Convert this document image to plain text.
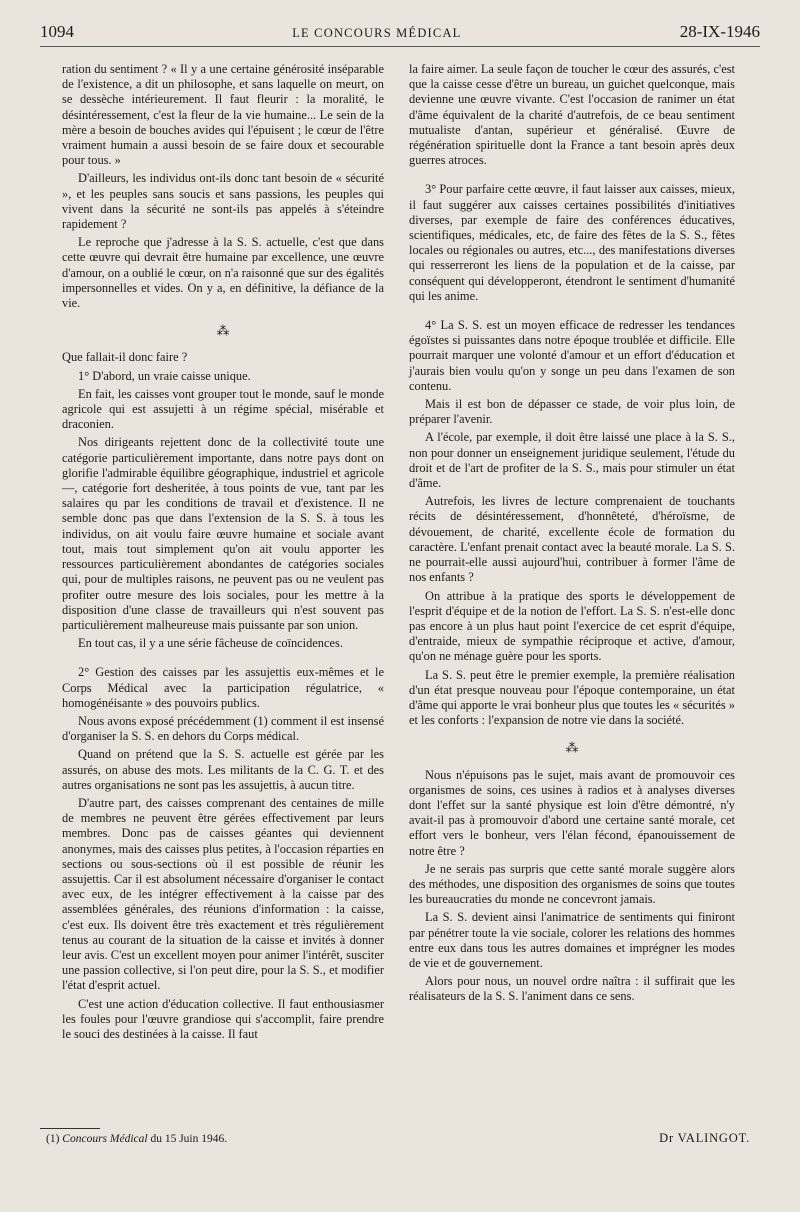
1094	LE CONCOURS MÉDICAL	28-IX-1946

ration du sentiment ? « Il y a une certaine générosité inséparable de l'existence, a dit un philosophe, et sans laquelle on meurt, on se dessèche intérieurement. Il faut fleurir : la moralité, le désintéressement, c'est la fleur de la vie humaine... Le sein de la mère a besoin de bouches avides qui l'épuisent ; le cœur de l'être vraiment humain a aussi besoin de se faire doux et secourable pour tous. »

D'ailleurs, les individus ont-ils donc tant besoin de « sécurité », et les peuples sans soucis et sans passions, les peuples qui vivent dans la sécurité ne sont-ils pas appelés à s'éteindre rapidement ?

Le reproche que j'adresse à la S. S. actuelle, c'est que dans cette œuvre qui devrait être humaine par excellence, une œuvre d'amour, on a oublié le cœur, on n'a raisonné que sur des égalités impersonnelles et vides. On y a, en définitive, la défiance de la vie.

⁂

Que fallait-il donc faire ?

1° D'abord, un vraie caisse unique.

En fait, les caisses vont grouper tout le monde, sauf le monde agricole qui est assujetti à un régime spécial, misérable et draconien.

Nos dirigeants rejettent donc de la collectivité toute une catégorie particulièrement importante, dans notre pays dont on glorifie l'admirable équilibre géographique, industriel et agricole —, catégorie fort desheritée, à tous points de vue, tant par les salaires qu par les conditions de travail et d'existence. Il ne semble donc pas que dans l'extension de la S. S. à tous les individus, on ait voulu faire œuvre humaine et sociale avant tout, mais tout simplement qu'on ait voulu apporter les ressources particulièrement abondantes de catégories sociales qui, pour de multiples raisons, ne peuvent pas ou ne veulent pas profiter outre mesure des lois sociales, pour les mettre à la disposition d'une classe de travailleurs qui n'est souvent pas particulièrement malheureuse mais puissante par son union.

En tout cas, il y a une série fâcheuse de coïncidences.

2° Gestion des caisses par les assujettis eux-mêmes et le Corps Médical avec la participation régulatrice, « homogénéisante » des pouvoirs publics.

Nous avons exposé précédemment (1) comment il est insensé d'organiser la S. S. en dehors du Corps médical.

Quand on prétend que la S. S. actuelle est gérée par les assurés, on abuse des mots. Les militants de la C. G. T. et des autres organisations ne sont pas les assujettis, à aucun titre.

D'autre part, des caisses comprenant des centaines de mille de membres ne peuvent être gérées effectivement par leurs membres. Donc pas de caisses géantes qui deviennent anonymes, mais des caisses plus petites, à l'occasion réparties en sections ou sous-sections où il est possible de réunir les assujettis. Car il est absolument nécessaire d'organiser le contact avec eux, de les intégrer effectivement à la caisse par des assemblées générales, des réunions d'information : la caisse, c'est eux. Ils doivent être très exactement et très régulièrement tenus au courant de la situation de la caisse et invités à donner leur avis. C'est un excellent moyen pour animer l'intérêt, susciter une passion collective, si l'on peut dire, pour la S. S., et modifier l'état d'esprit actuel.

C'est une action d'éducation collective. Il faut enthousiasmer les foules pour l'œuvre grandiose qui s'accomplit, faire prendre le souci des destinées à la caisse. Il faut

la faire aimer. La seule façon de toucher le cœur des assurés, c'est que la caisse cesse d'être un bureau, un guichet quelconque, mais devienne une œuvre vivante. C'est l'occasion de ranimer un état d'âme équivalent de la charité d'autrefois, de ce beau sentiment mutualiste d'antan, supérieur et généralisé. Œuvre de régénération spirituelle dont la France a tant besoin après deux guerres atroces.

3° Pour parfaire cette œuvre, il faut laisser aux caisses, mieux, il faut suggérer aux caisses certaines possibilités d'initiatives diverses, par exemple de faire des conférences éducatives, scientifiques, médicales, etc, de faire des fêtes de la S. S., fêtes locales ou régionales ou autres, etc..., des manifestations diverses qui resserreront les liens de la population et de la caisse, par conséquent qui développeront, étendront le sentiment d'humanité qui les anime.

4° La S. S. est un moyen efficace de redresser les tendances égoïstes si puissantes dans notre époque troublée et difficile. Elle pourrait marquer une volonté d'amour et un effort d'éducation et j'aurais bien voulu qu'on y songe un peu dans l'examen de son contenu.

Mais il est bon de dépasser ce stade, de voir plus loin, de préparer l'avenir.

A l'école, par exemple, il doit être laissé une place à la S. S., non pour donner un enseignement juridique seulement, l'étude du droit et de l'art de profiter de la S. S., mais pour stimuler un état d'âme.

Autrefois, les livres de lecture comprenaient de touchants récits de désintéressement, d'honnêteté, d'héroïsme, de dévouement, de charité, excellente école de formation du caractère. L'enfant prenait contact avec la beauté morale. La S. S. ne pourrait-elle aussi aujourd'hui, contribuer à former l'âme de nos enfants ?

On attribue à la pratique des sports le développement de l'esprit d'équipe et de la notion de l'effort. La S. S. n'est-elle donc pas encore à un plus haut point l'exercice de cet esprit d'équipe, d'entraide, mieux de sympathie réciproque et active, d'amour, qu'on ne ménage guère pour les sports.

La S. S. peut être le premier exemple, la première réalisation d'un état presque nouveau pour l'époque contemporaine, un état d'âme qui apporte le vrai bonheur plus que toutes les « sécurités » et les conforts : l'expansion de notre vie dans la société.

⁂

Nous n'épuisons pas le sujet, mais avant de promouvoir ces organismes de soins, ces usines à radios et à analyses diverses dont l'effet sur la santé physique est loin d'être démontré, n'y avait-il pas à promouvoir d'abord une certaine santé morale, cet effort vers le bonheur, vers l'élan fécond, épanouissement de notre être ?

Je ne serais pas surpris que cette santé morale suggère alors des méthodes, une disposition des organismes de soins que toutes les bureaucraties du monde ne concevront jamais.

La S. S. devient ainsi l'animatrice de sentiments qui finiront par pénétrer toute la vie sociale, colorer les relations des hommes entre eux dans tous les autres domaines et imprégner les modes de vie et de gouvernement.

Alors pour nous, un nouvel ordre naîtra : il suffirait que les réalisateurs de la S. S. l'animent dans ce sens.

(1) Concours Médical du 15 Juin 1946.	Dr VALINGOT.
